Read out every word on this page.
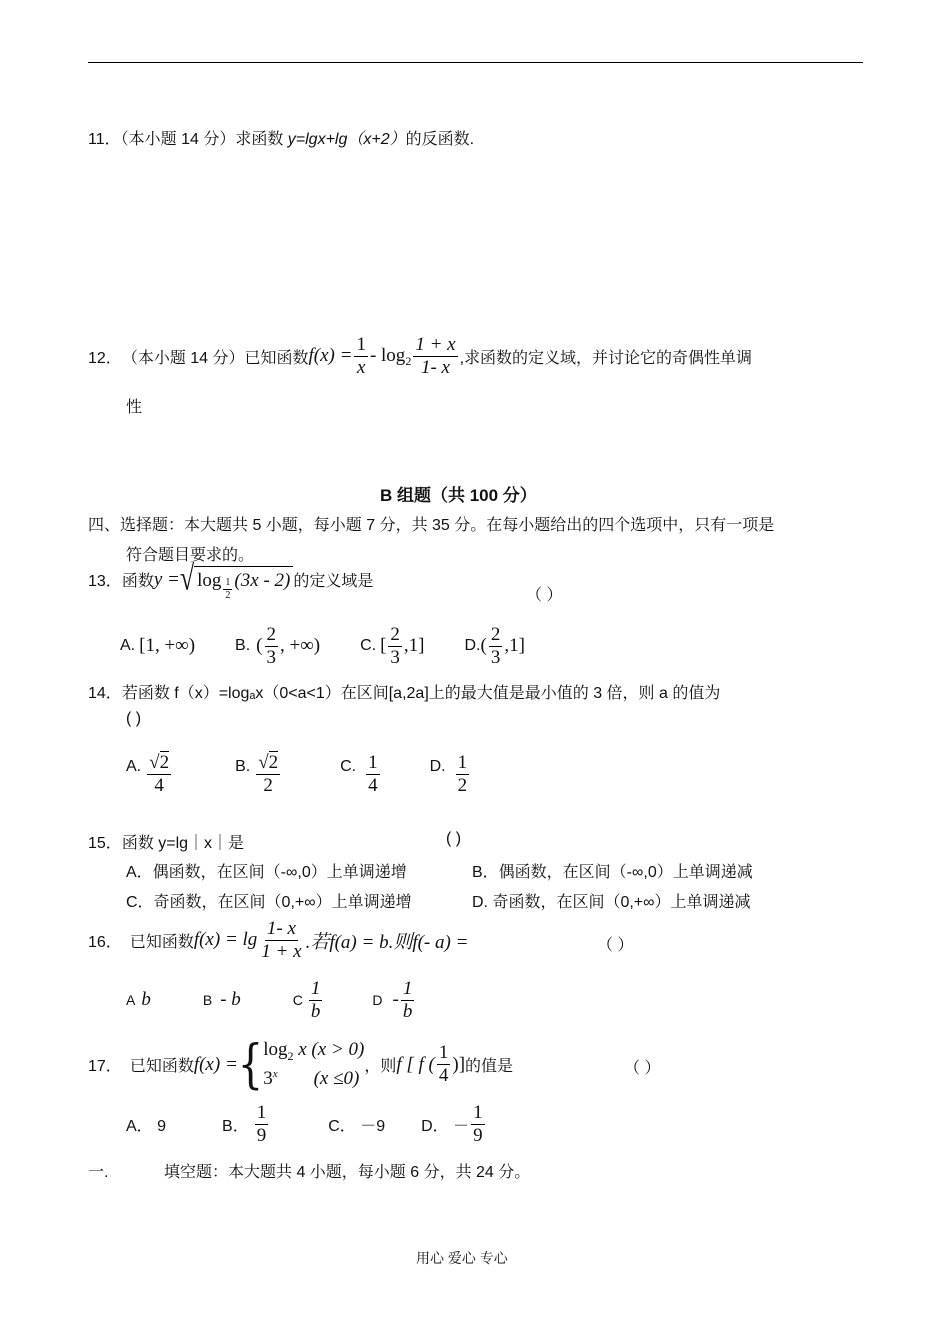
11．（本小题 14 分）求函数 y=lgx+lg（x+2）的反函数.
12． （本小题 14 分）已知函数 $f(x) = \frac{1}{x} - \log 2 \frac{1 + x}{1- x}$ ,求函数的定义域，并讨论它的奇偶性单调
性
B 组题（共 100 分）
四、选择题：本大题共 5 小题，每小题 7 分，共 35 分。在每小题给出的四个选项中，只有一项是
符合题目要求的。
13． 函数 y = √ $\log \frac{1}{2} (3x - 2)$ 的定义域是
（ ）
A. [1, +∞)	B. ( $\frac{2}{3}$ , +∞)	C. [ $\frac{2}{3} ,1$]	D. ( $\frac{2}{3} ,1$]
14．若函数 f（x）=logₐx（0<a<1）在区间[a,2a]上的最大值是最小值的 3 倍，则 a 的值为
( )
A. $\frac{√2}{4}$	B. $\frac{√2}{2}$	C. $\frac{1}{4}$	D. $\frac{1}{2}$
15．函数 y=lg｜x｜是	( )
A．偶函数，在区间（-∞,0）上单调递增	B．偶函数，在区间（-∞,0）上单调递减
C．奇函数，在区间（0,+∞）上单调递增	D. 奇函数，在区间（0,+∞）上单调递减
16． 已知函数 $f(x) = \lg \frac{1- x}{1 + x}$ .若f(a) = b.则f(- a) =	（ ）
A b	B - b	C $\frac{1}{b}$	D - $\frac{1}{b}$
17． 已知函数 f(x) = { $\log_2 x$ (x > 0)
3$^x$ (x ≤0)
，则 f [ f ( $\frac{1}{4}$ )] 的值是	（ ）
A． 9	B． $\frac{1}{9}$	C． －9 D． － $\frac{1}{9}$
一.	填空题：本大题共 4 小题，每小题 6 分，共 24 分。
用心 爱心 专心
